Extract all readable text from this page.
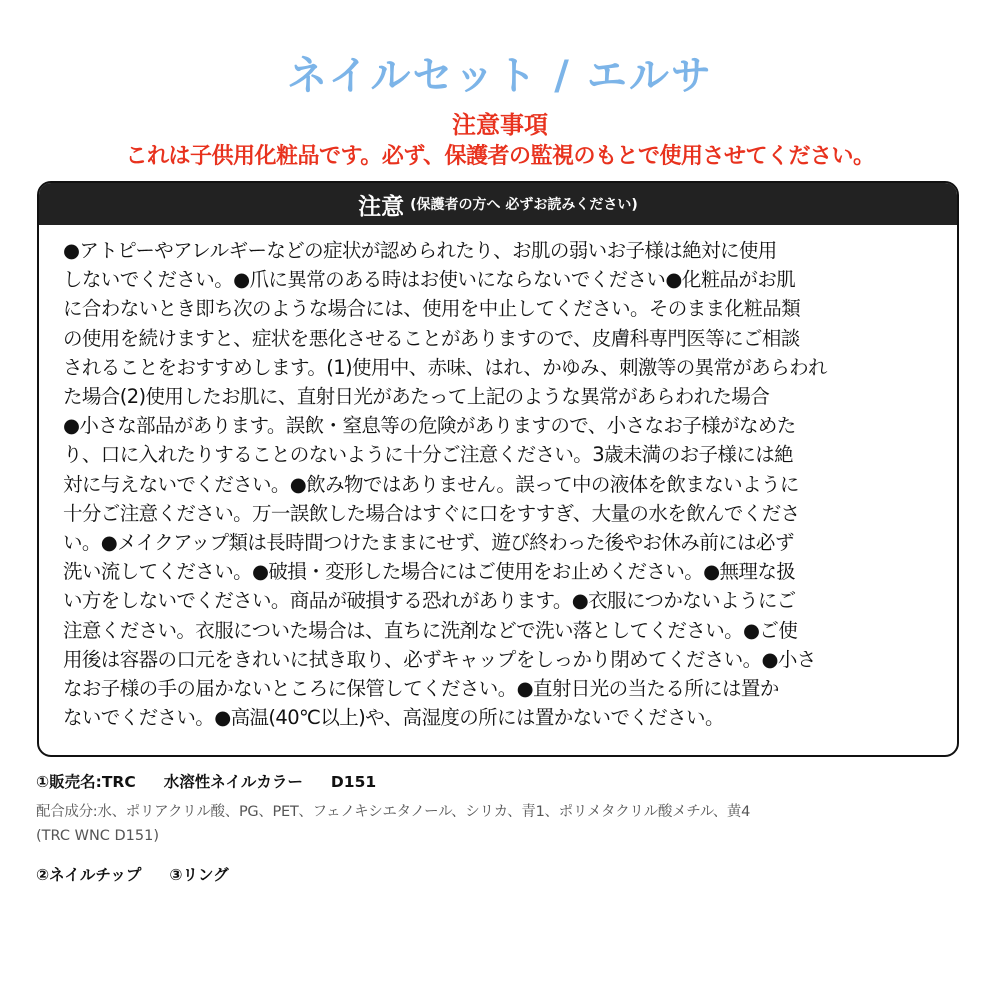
ネイルセット / エルサ
注意事項
これは子供用化粧品です。必ず、保護者の監視のもとで使用させてください。
注意 (保護者の方へ 必ずお読みください)
●アトピーやアレルギーなどの症状が認められたり、お肌の弱いお子様は絶対に使用
しないでください。●爪に異常のある時はお使いにならないでください●化粧品がお肌
に合わないとき即ち次のような場合には、使用を中止してください。そのまま化粧品類
の使用を続けますと、症状を悪化させることがありますので、皮膚科専門医等にご相談
されることをおすすめします。(1)使用中、赤味、はれ、かゆみ、刺激等の異常があらわれ
た場合(2)使用したお肌に、直射日光があたって上記のような異常があらわれた場合
●小さな部品があります。誤飲・窒息等の危険がありますので、小さなお子様がなめた
り、口に入れたりすることのないように十分ご注意ください。3歳未満のお子様には絶
対に与えないでください。●飲み物ではありません。誤って中の液体を飲まないように
十分ご注意ください。万一誤飲した場合はすぐに口をすすぎ、大量の水を飲んでくださ
い。●メイクアップ類は長時間つけたままにせず、遊び終わった後やお休み前には必ず
洗い流してください。●破損・変形した場合にはご使用をお止めください。●無理な扱
い方をしないでください。商品が破損する恐れがあります。●衣服につかないようにご
注意ください。衣服についた場合は、直ちに洗剤などで洗い落としてください。●ご使
用後は容器の口元をきれいに拭き取り、必ずキャップをしっかり閉めてください。●小さ
なお子様の手の届かないところに保管してください。●直射日光の当たる所には置か
ないでください。●高温(40℃以上)や、高湿度の所には置かないでください。
①販売名:TRC 水溶性ネイルカラー D151
配合成分:水、ポリアクリル酸、PG、PET、フェノキシエタノール、シリカ、青1、ポリメタクリル酸メチル、黄4
(TRC WNC D151)
②ネイルチップ ③リング
